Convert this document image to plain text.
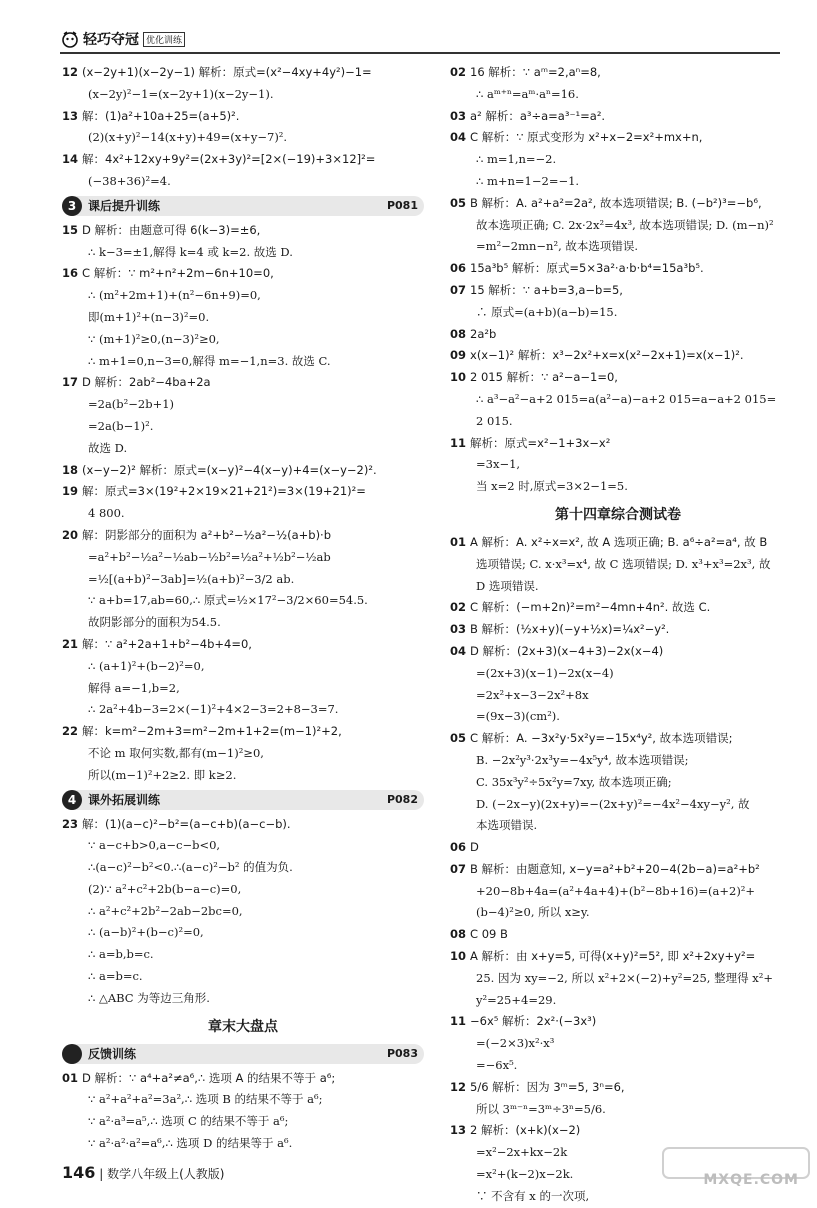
轻巧夺冠 优化训练
12 (x−2y+1)(x−2y−1) 解析：原式=(x²−4xy+4y²)−1=
(x−2y)²−1=(x−2y+1)(x−2y−1).
13 解：(1)a²+10a+25=(a+5)².
(2)(x+y)²−14(x+y)+49=(x+y−7)².
14 解：4x²+12xy+9y²=(2x+3y)²=[2×(−19)+3×12]²=
(−38+36)²=4.
3 课后提升训练	P081
15 D 解析：由题意可得 6(k−3)=±6,
∴ k−3=±1,解得 k=4 或 k=2. 故选 D.
16 C 解析：∵ m²+n²+2m−6n+10=0,
∴ (m²+2m+1)+(n²−6n+9)=0,
即(m+1)²+(n−3)²=0.
∵ (m+1)²≥0,(n−3)²≥0,
∴ m+1=0,n−3=0,解得 m=−1,n=3. 故选 C.
17 D 解析：2ab²−4ba+2a
=2a(b²−2b+1)
=2a(b−1)².
故选 D.
18 (x−y−2)² 解析：原式=(x−y)²−4(x−y)+4=(x−y−2)².
19 解：原式=3×(19²+2×19×21+21²)=3×(19+21)²=
4 800.
20 解：阴影部分的面积为 a²+b²−½a²−½(a+b)·b
=a²+b²−½a²−½ab−½b²=½a²+½b²−½ab
=½[(a+b)²−3ab]=½(a+b)²−3/2 ab.
∵ a+b=17,ab=60,∴ 原式=½×17²−3/2×60=54.5.
故阴影部分的面积为54.5.
21 解：∵ a²+2a+1+b²−4b+4=0,
∴ (a+1)²+(b−2)²=0,
解得 a=−1,b=2,
∴ 2a²+4b−3=2×(−1)²+4×2−3=2+8−3=7.
22 解：k=m²−2m+3=m²−2m+1+2=(m−1)²+2,
不论 m 取何实数,都有(m−1)²≥0,
所以(m−1)²+2≥2. 即 k≥2.
4 课外拓展训练	P082
23 解：(1)(a−c)²−b²=(a−c+b)(a−c−b).
∵ a−c+b>0,a−c−b<0,
∴(a−c)²−b²<0.∴(a−c)²−b² 的值为负.
(2)∵ a²+c²+2b(b−a−c)=0,
∴ a²+c²+2b²−2ab−2bc=0,
∴ (a−b)²+(b−c)²=0,
∴ a=b,b=c.
∴ a=b=c.
∴ △ABC 为等边三角形.
章末大盘点
反馈训练	P083
01 D 解析：∵ a⁴+a²≠a⁶,∴ 选项 A 的结果不等于 a⁶;
∵ a²+a²+a²=3a²,∴ 选项 B 的结果不等于 a⁶;
∵ a²·a³=a⁵,∴ 选项 C 的结果不等于 a⁶;
∵ a²·a²·a²=a⁶,∴ 选项 D 的结果等于 a⁶.
02 16 解析：∵ aᵐ=2,aⁿ=8,
∴ aᵐ⁺ⁿ=aᵐ·aⁿ=16.
03 a² 解析：a³÷a=a³⁻¹=a².
04 C 解析：∵ 原式变形为 x²+x−2=x²+mx+n,
∴ m=1,n=−2.
∴ m+n=1−2=−1.
05 B 解析：A. a²+a²=2a², 故本选项错误; B. (−b²)³=−b⁶,
故本选项正确; C. 2x·2x²=4x³, 故本选项错误; D. (m−n)²
=m²−2mn−n², 故本选项错误.
06 15a³b⁵ 解析：原式=5×3a²·a·b·b⁴=15a³b⁵.
07 15 解析：∵ a+b=3,a−b=5,
∴ 原式=(a+b)(a−b)=15.
08 2a²b
09 x(x−1)² 解析：x³−2x²+x=x(x²−2x+1)=x(x−1)².
10 2 015 解析：∵ a²−a−1=0,
∴ a³−a²−a+2 015=a(a²−a)−a+2 015=a−a+2 015=
2 015.
11 解析：原式=x²−1+3x−x²
=3x−1,
当 x=2 时,原式=3×2−1=5.
第十四章综合测试卷
01 A 解析：A. x²÷x=x², 故 A 选项正确; B. a⁶÷a²=a⁴, 故 B
选项错误; C. x·x³=x⁴, 故 C 选项错误; D. x³+x³=2x³, 故
D 选项错误.
02 C 解析：(−m+2n)²=m²−4mn+4n². 故选 C.
03 B 解析：(½x+y)(−y+½x)=¼x²−y².
04 D 解析：(2x+3)(x−4+3)−2x(x−4)
=(2x+3)(x−1)−2x(x−4)
=2x²+x−3−2x²+8x
=(9x−3)(cm²).
05 C 解析：A. −3x²y·5x²y=−15x⁴y², 故本选项错误;
B. −2x²y³·2x³y=−4x⁵y⁴, 故本选项错误;
C. 35x³y²÷5x²y=7xy, 故本选项正确;
D. (−2x−y)(2x+y)=−(2x+y)²=−4x²−4xy−y², 故
本选项错误.
06 D
07 B 解析：由题意知, x−y=a²+b²+20−4(2b−a)=a²+b²
+20−8b+4a=(a²+4a+4)+(b²−8b+16)=(a+2)²+
(b−4)²≥0, 所以 x≥y.
08 C 09 B
10 A 解析：由 x+y=5, 可得(x+y)²=5², 即 x²+2xy+y²=
25. 因为 xy=−2, 所以 x²+2×(−2)+y²=25, 整理得 x²+
y²=25+4=29.
11 −6x⁵ 解析：2x²·(−3x³)
=(−2×3)x²·x³
=−6x⁵.
12 5/6 解析：因为 3ᵐ=5, 3ⁿ=6,
所以 3ᵐ⁻ⁿ=3ᵐ÷3ⁿ=5/6.
13 2 解析：(x+k)(x−2)
=x²−2x+kx−2k
=x²+(k−2)x−2k.
∵ 不含有 x 的一次项,
146 | 数学八年级上(人教版)	MXQE.COM
